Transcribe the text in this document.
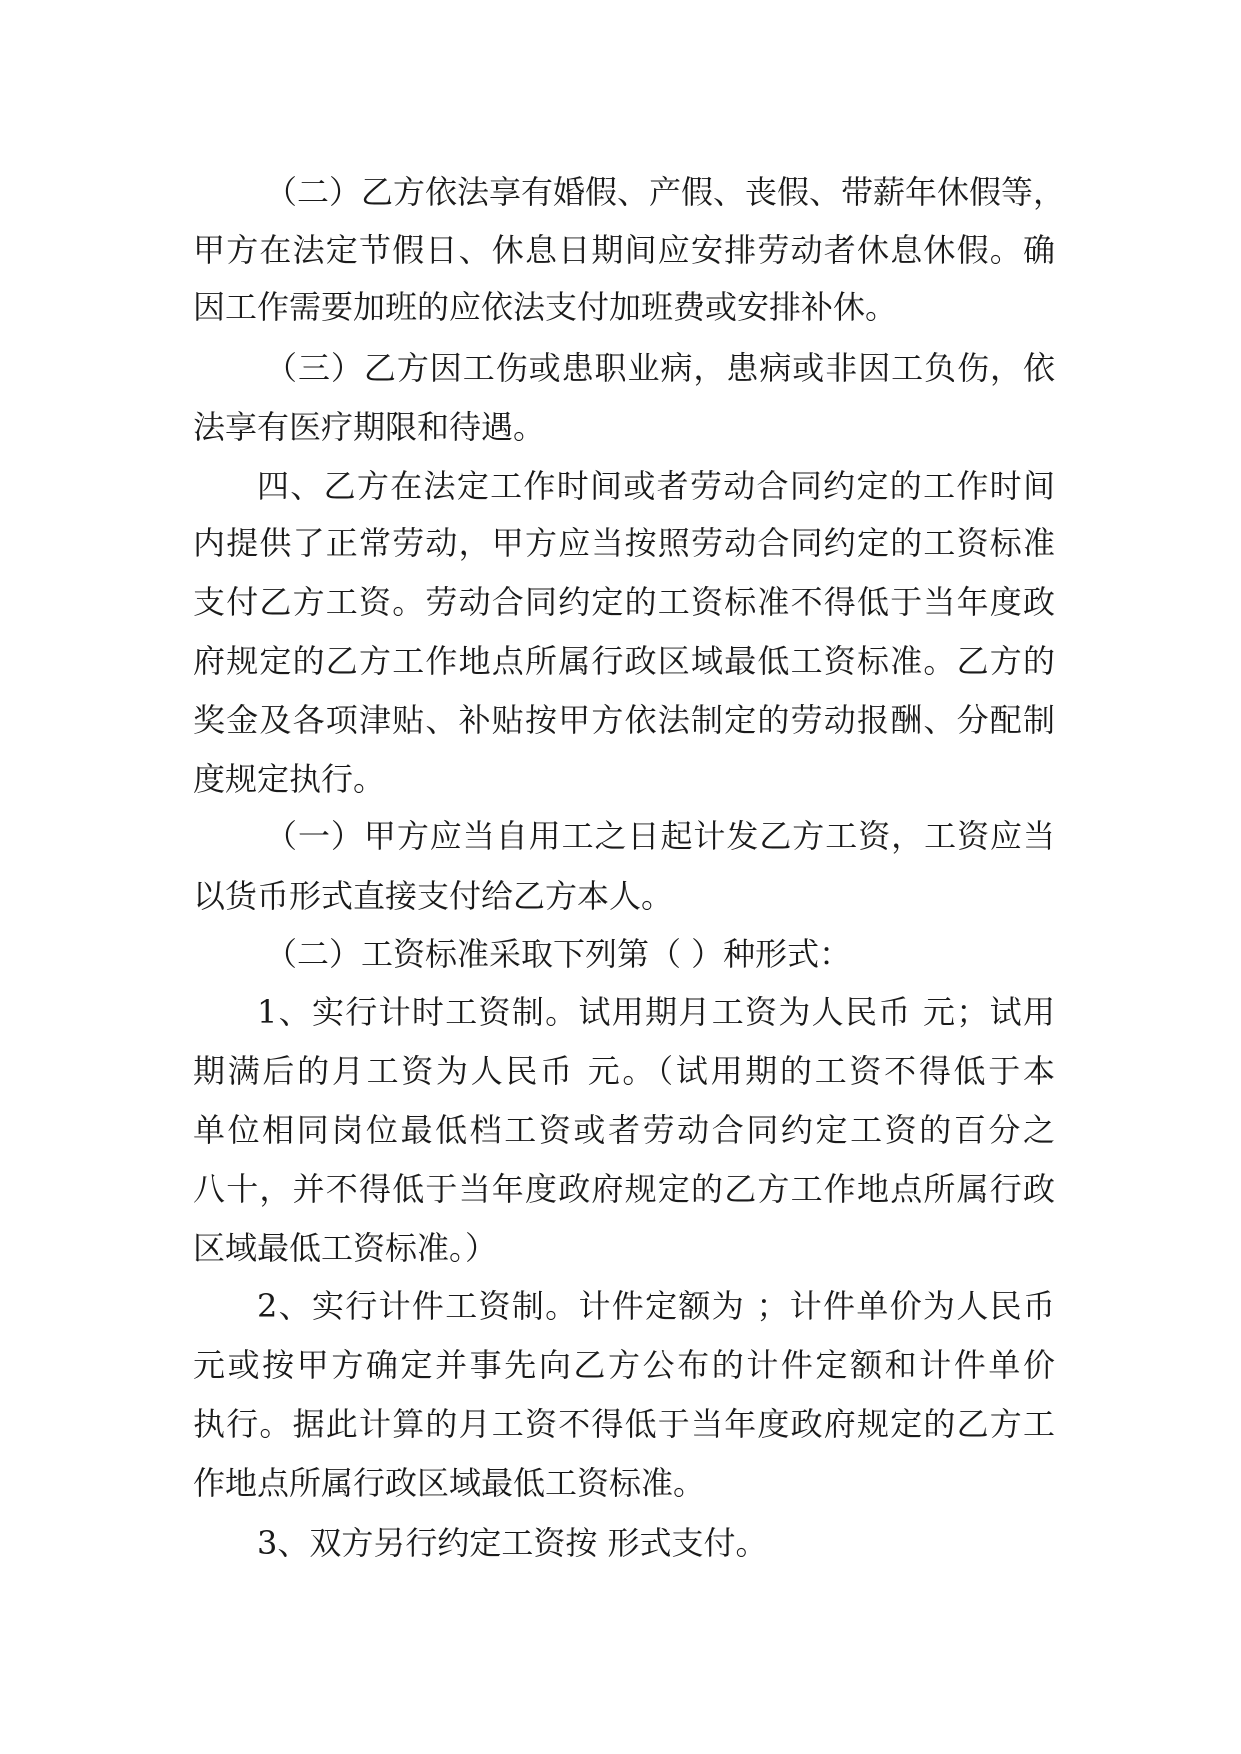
（二）乙方依法享有婚假、产假、丧假、带薪年休假等，
甲方在法定节假日、休息日期间应安排劳动者休息休假。确
因工作需要加班的应依法支付加班费或安排补休。
（三）乙方因工伤或患职业病，患病或非因工负伤，依
法享有医疗期限和待遇。
四、乙方在法定工作时间或者劳动合同约定的工作时间
内提供了正常劳动，甲方应当按照劳动合同约定的工资标准
支付乙方工资。劳动合同约定的工资标准不得低于当年度政
府规定的乙方工作地点所属行政区域最低工资标准。乙方的
奖金及各项津贴、补贴按甲方依法制定的劳动报酬、分配制
度规定执行。
（一）甲方应当自用工之日起计发乙方工资，工资应当
以货币形式直接支付给乙方本人。
（二）工资标准采取下列第（ ）种形式：
1、实行计时工资制。试用期月工资为人民币 元；试用
期满后的月工资为人民币 元。（试用期的工资不得低于本
单位相同岗位最低档工资或者劳动合同约定工资的百分之
八十，并不得低于当年度政府规定的乙方工作地点所属行政
区域最低工资标准。）
2、实行计件工资制。计件定额为 ；计件单价为人民币
元或按甲方确定并事先向乙方公布的计件定额和计件单价
执行。据此计算的月工资不得低于当年度政府规定的乙方工
作地点所属行政区域最低工资标准。
3、双方另行约定工资按 形式支付。
